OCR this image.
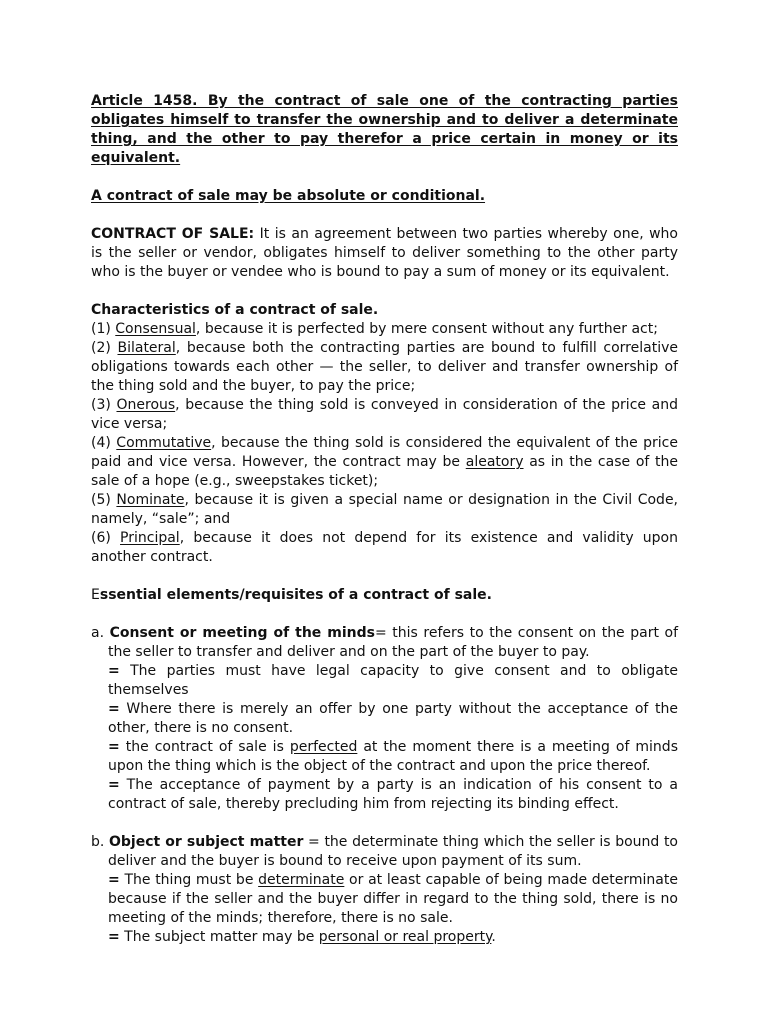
Article 1458. By the contract of sale one of the contracting parties obligates himself to transfer the ownership and to deliver a determinate thing, and the other to pay therefor a price certain in money or its equivalent.

A contract of sale may be absolute or conditional.

CONTRACT OF SALE: It is an agreement between two parties whereby one, who is the seller or vendor, obligates himself to deliver something to the other party who is the buyer or vendee who is bound to pay a sum of money or its equivalent.

Characteristics of a contract of sale.

(1) Consensual, because it is perfected by mere consent without any further act;

(2) Bilateral, because both the contracting parties are bound to fulfill correlative obligations towards each other — the seller, to deliver and transfer ownership of the thing sold and the buyer, to pay the price;

(3) Onerous, because the thing sold is conveyed in consideration of the price and vice versa;

(4) Commutative, because the thing sold is considered the equivalent of the price paid and vice versa. However, the contract may be aleatory as in the case of the sale of a hope (e.g., sweepstakes ticket);

(5) Nominate, because it is given a special name or designation in the Civil Code, namely, “sale”; and

(6) Principal, because it does not depend for its existence and validity upon another contract.

Essential elements/requisites of a contract of sale.

a. Consent or meeting of the minds= this refers to the consent on the part of the seller to transfer and deliver and on the part of the buyer to pay.

= The parties must have legal capacity to give consent and to obligate themselves

= Where there is merely an offer by one party without the acceptance of the other, there is no consent.

= the contract of sale is perfected at the moment there is a meeting of minds upon the thing which is the object of the contract and upon the price thereof.

= The acceptance of payment by a party is an indication of his consent to a contract of sale, thereby precluding him from rejecting its binding effect.

b. Object or subject matter = the determinate thing which the seller is bound to deliver and the buyer is bound to receive upon payment of its sum.

= The thing must be determinate or at least capable of being made determinate because if the seller and the buyer differ in regard to the thing sold, there is no meeting of the minds; therefore, there is no sale.

= The subject matter may be personal or real property.
